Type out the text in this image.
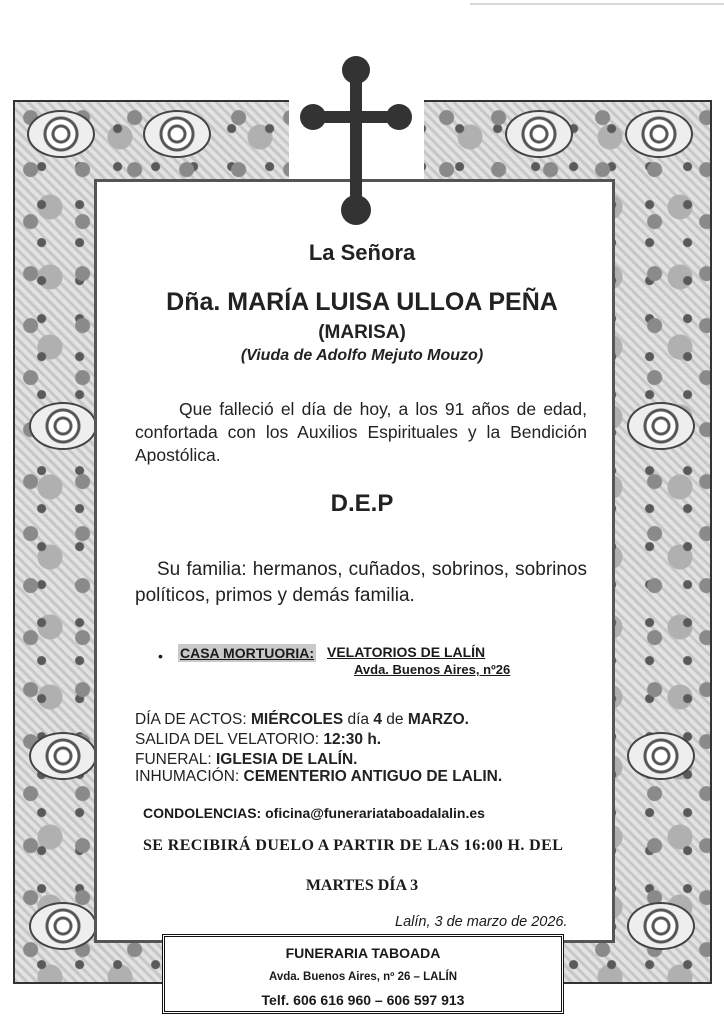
La Señora
Dña. MARÍA LUISA ULLOA PEÑA
(MARISA)
(Viuda de Adolfo Mejuto Mouzo)
Que falleció el día de hoy, a los 91 años de edad, confortada con los Auxilios Espirituales y la Bendición Apostólica.
D.E.P
Su familia: hermanos, cuñados, sobrinos, sobrinos políticos, primos y demás familia.
• CASA MORTUORIA: VELATORIOS DE LALÍN
Avda. Buenos Aires, nº26
DÍA DE ACTOS: MIÉRCOLES día 4 de MARZO.
SALIDA DEL VELATORIO: 12:30 h.
FUNERAL: IGLESIA DE LALÍN.
INHUMACIÓN: CEMENTERIO ANTIGUO DE LALIN.
CONDOLENCIAS: oficina@funerariataboadalalin.es
SE RECIBIRÁ DUELO A PARTIR DE LAS 16:00 H. DEL
MARTES DÍA 3
Lalín, 3 de marzo de 2026.
FUNERARIA TABOADA
Avda. Buenos Aires, nº 26 – LALÍN
Telf. 606 616 960 – 606 597 913
